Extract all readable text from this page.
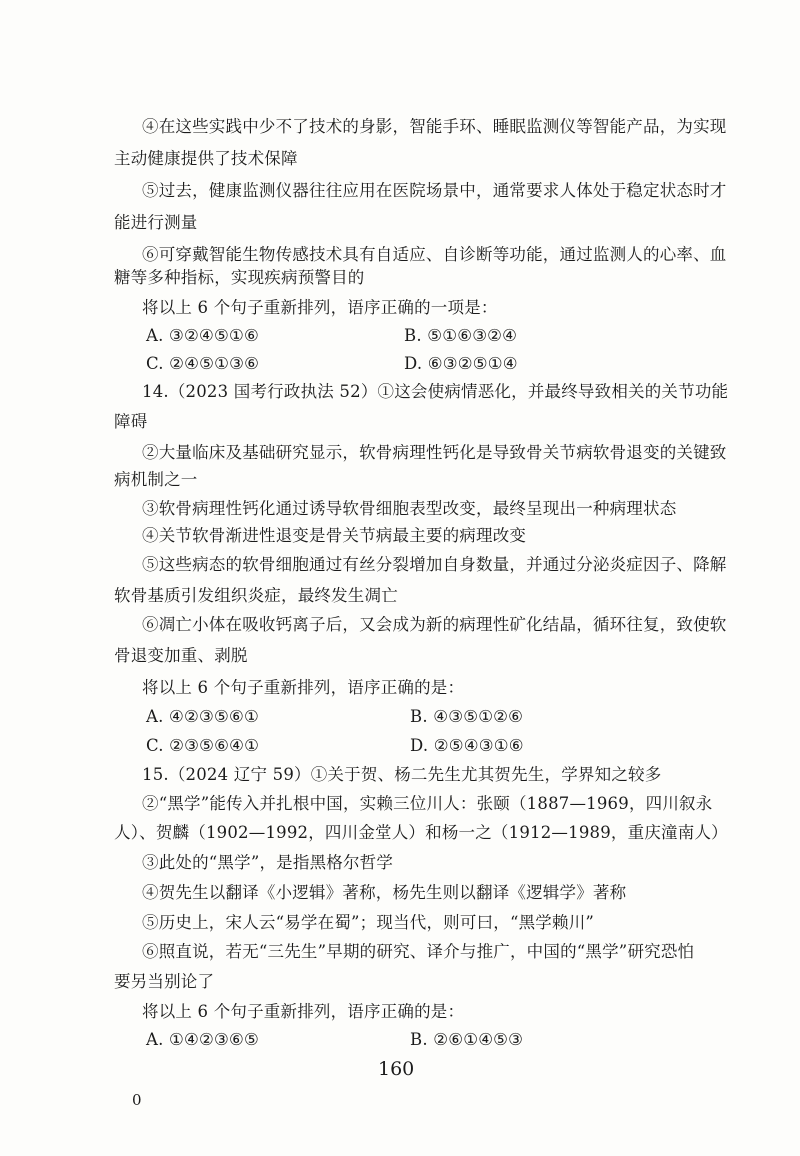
④在这些实践中少不了技术的身影，智能手环、睡眠监测仪等智能产品，为实现
主动健康提供了技术保障
⑤过去，健康监测仪器往往应用在医院场景中，通常要求人体处于稳定状态时才
能进行测量
⑥可穿戴智能生物传感技术具有自适应、自诊断等功能，通过监测人的心率、血
糖等多种指标，实现疾病预警目的
将以上 6 个句子重新排列，语序正确的一项是：
A. ③②④⑤①⑥	B. ⑤①⑥③②④
C. ②④⑤①③⑥	D. ⑥③②⑤①④
14.（2023 国考行政执法 52）①这会使病情恶化，并最终导致相关的关节功能
障碍
②大量临床及基础研究显示，软骨病理性钙化是导致骨关节病软骨退变的关键致
病机制之一
③软骨病理性钙化通过诱导软骨细胞表型改变，最终呈现出一种病理状态
④关节软骨渐进性退变是骨关节病最主要的病理改变
⑤这些病态的软骨细胞通过有丝分裂增加自身数量，并通过分泌炎症因子、降解
软骨基质引发组织炎症，最终发生凋亡
⑥凋亡小体在吸收钙离子后，又会成为新的病理性矿化结晶，循环往复，致使软
骨退变加重、剥脱
将以上 6 个句子重新排列，语序正确的是：
A. ④②③⑤⑥①	B. ④③⑤①②⑥
C. ②③⑤⑥④①	D. ②⑤④③①⑥
15.（2024 辽宁 59）①关于贺、杨二先生尤其贺先生，学界知之较多
②“黑学”能传入并扎根中国，实赖三位川人：张颐（1887—1969，四川叙永
人）、贺麟（1902—1992，四川金堂人）和杨一之（1912—1989，重庆潼南人）
③此处的“黑学”，是指黑格尔哲学
④贺先生以翻译《小逻辑》著称，杨先生则以翻译《逻辑学》著称
⑤历史上，宋人云“易学在蜀”；现当代，则可曰，“黑学赖川”
⑥照直说，若无“三先生”早期的研究、译介与推广，中国的“黑学”研究恐怕
要另当别论了
将以上 6 个句子重新排列，语序正确的是：
A. ①④②③⑥⑤	B. ②⑥①④⑤③
160
0
